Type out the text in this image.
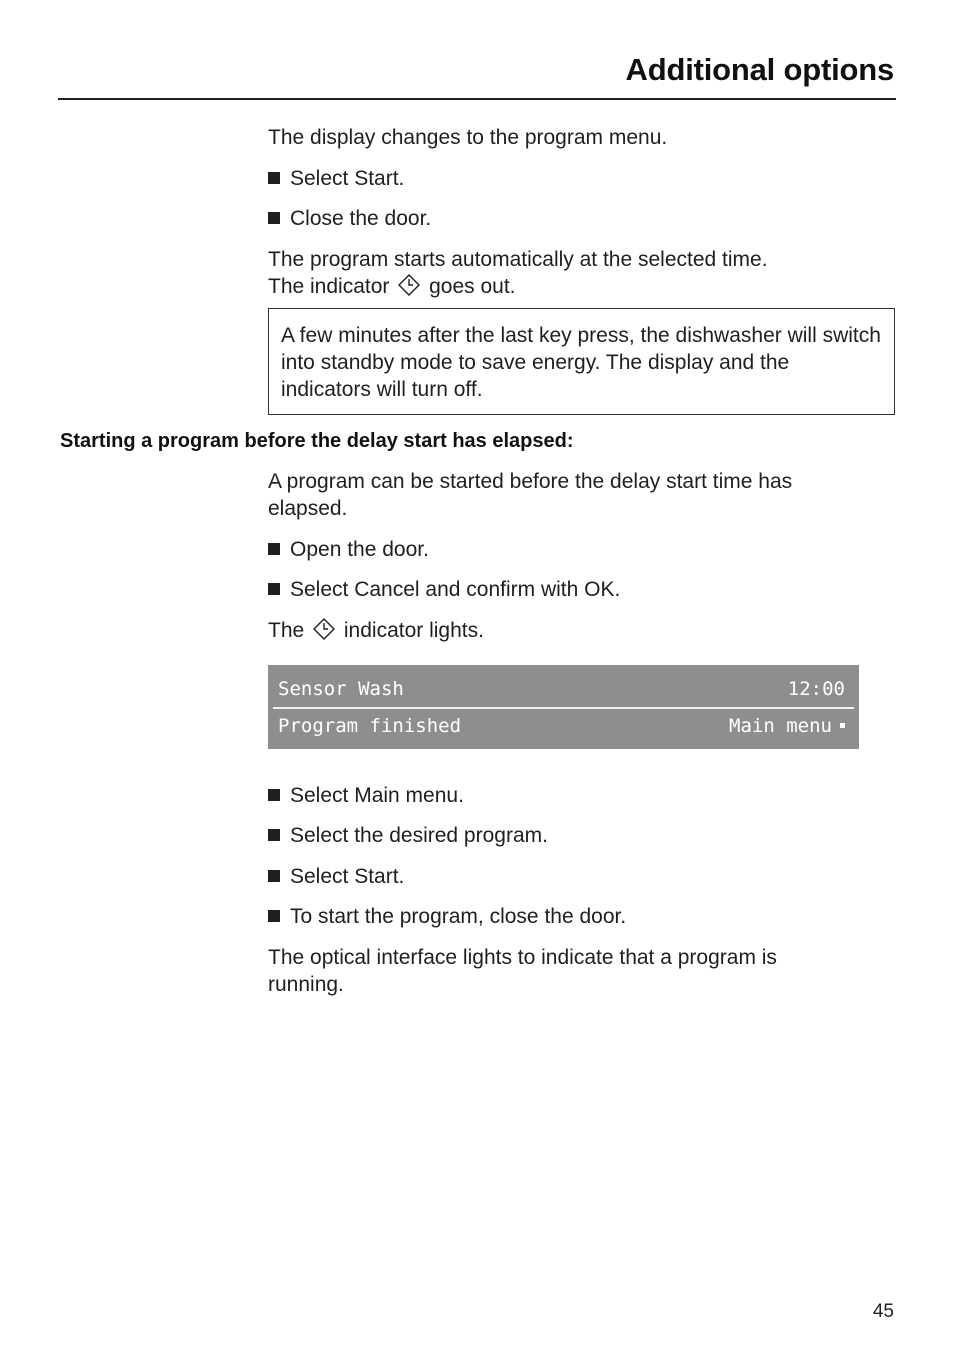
Additional options

The display changes to the program menu.

Select Start.

Close the door.

The program starts automatically at the selected time.
The indicator goes out.

A few minutes after the last key press, the dishwasher will switch into standby mode to save energy. The display and the indicators will turn off.
Starting a program before the delay start has elapsed:

A program can be started before the delay start time has elapsed.

Open the door.

Select Cancel and confirm with OK.

The indicator lights.

Sensor Wash	12:00
Program finished	Main menu

Select Main menu.

Select the desired program.

Select Start.

To start the program, close the door.

The optical interface lights to indicate that a program is running.

45
